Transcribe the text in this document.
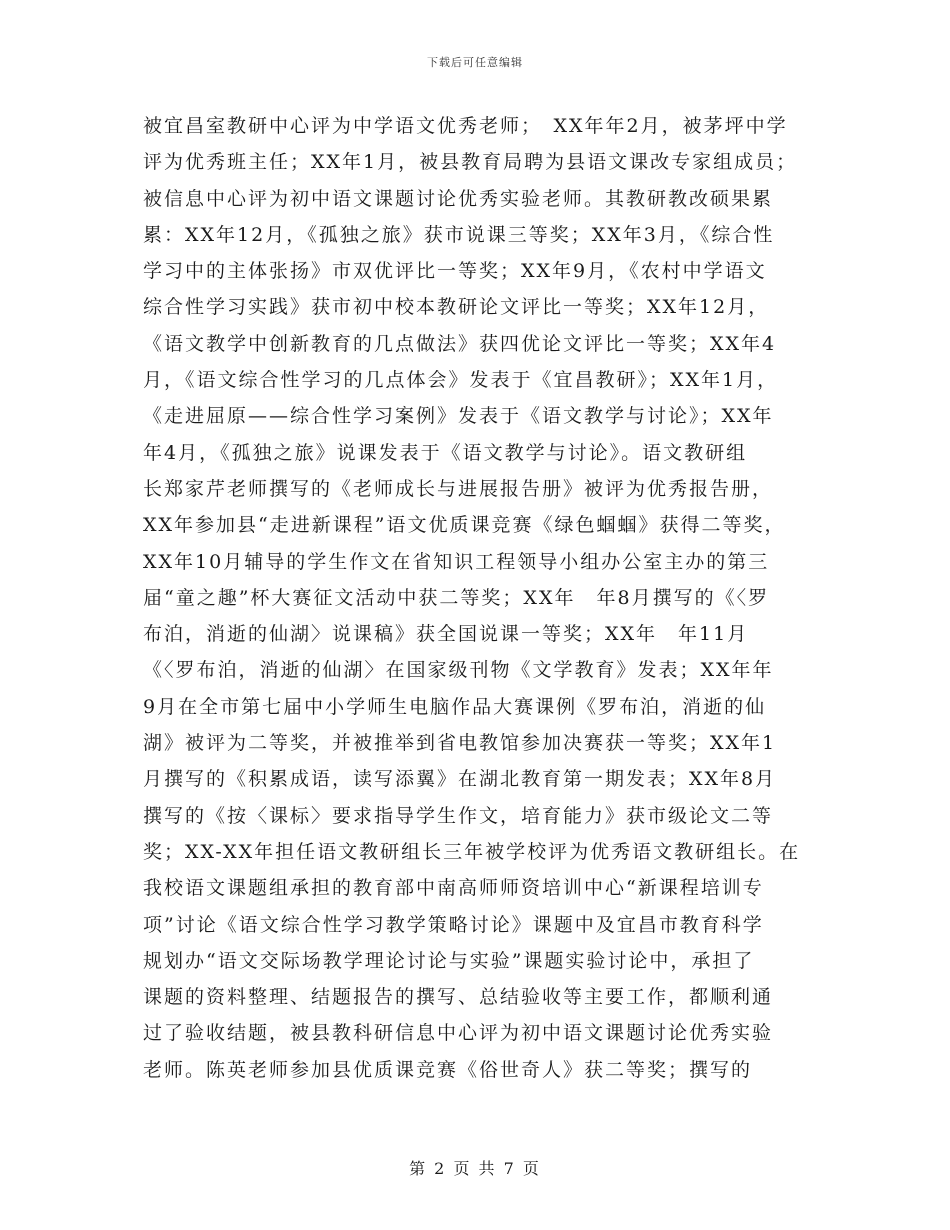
下载后可任意编辑
被宜昌室教研中心评为中学语文优秀老师；　XX年年2月，被茅坪中学
评为优秀班主任；XX年1月，被县教育局聘为县语文课改专家组成员；
被信息中心评为初中语文课题讨论优秀实验老师。其教研教改硕果累
累：XX年12月，《孤独之旅》获市说课三等奖；XX年3月，《综合性
学习中的主体张扬》市双优评比一等奖；XX年9月，《农村中学语文
综合性学习实践》获市初中校本教研论文评比一等奖；XX年12月，
《语文教学中创新教育的几点做法》获四优论文评比一等奖；XX年4
月，《语文综合性学习的几点体会》发表于《宜昌教研》；XX年1月，
《走进屈原——综合性学习案例》发表于《语文教学与讨论》；XX年
年4月，《孤独之旅》说课发表于《语文教学与讨论》。语文教研组
长郑家芹老师撰写的《老师成长与进展报告册》被评为优秀报告册，
XX年参加县“走进新课程”语文优质课竞赛《绿色蝈蝈》获得二等奖，
XX年10月辅导的学生作文在省知识工程领导小组办公室主办的第三
届“童之趣”杯大赛征文活动中获二等奖；XX年　年8月撰写的《〈罗
布泊，消逝的仙湖〉说课稿》获全国说课一等奖；XX年　年11月
《〈罗布泊，消逝的仙湖〉在国家级刊物《文学教育》发表；XX年年
9月在全市第七届中小学师生电脑作品大赛课例《罗布泊，消逝的仙
湖》被评为二等奖，并被推举到省电教馆参加决赛获一等奖；XX年1
月撰写的《积累成语，读写添翼》在湖北教育第一期发表；XX年8月
撰写的《按〈课标〉要求指导学生作文，培育能力》获市级论文二等
奖；XX-XX年担任语文教研组长三年被学校评为优秀语文教研组长。在
我校语文课题组承担的教育部中南高师师资培训中心“新课程培训专
项”讨论《语文综合性学习教学策略讨论》课题中及宜昌市教育科学
规划办“语文交际场教学理论讨论与实验”课题实验讨论中，承担了
课题的资料整理、结题报告的撰写、总结验收等主要工作，都顺利通
过了验收结题，被县教科研信息中心评为初中语文课题讨论优秀实验
老师。陈英老师参加县优质课竞赛《俗世奇人》获二等奖；撰写的
第 2 页 共 7 页
